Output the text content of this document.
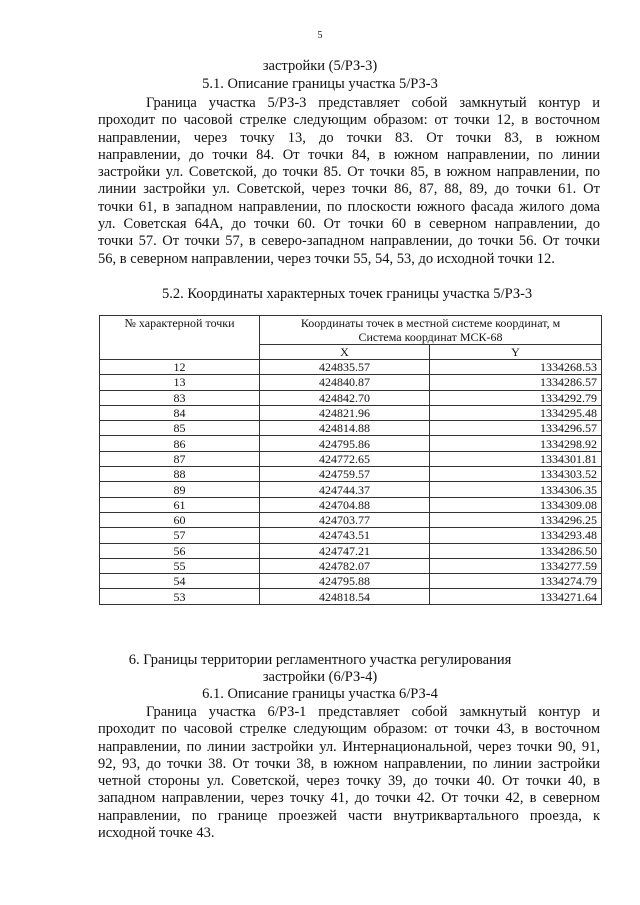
5
застройки (5/РЗ-3)
5.1. Описание границы участка 5/РЗ-3
Граница участка 5/РЗ-3 представляет собой замкнутый контур и
проходит по часовой стрелке следующим образом: от точки 12, в восточном
направлении, через точку 13, до точки 83. От точки 83, в южном
направлении, до точки 84. От точки 84, в южном направлении, по линии
застройки ул. Советской, до точки 85. От точки 85, в южном направлении, по
линии застройки ул. Советской, через точки 86, 87, 88, 89, до точки 61. От
точки 61, в западном направлении, по плоскости южного фасада жилого дома
ул. Советская 64А, до точки 60. От точки 60 в северном направлении, до
точки 57. От точки 57, в северо-западном направлении, до точки 56. От точки
56, в северном направлении, через точки 55, 54, 53, до исходной точки 12.
5.2. Координаты характерных точек границы участка 5/РЗ-3
№ характерной точки	Координаты точек в местной системе координат, м
Система координат МСК-68	
	X	Y
12	424835.57	1334268.53
13	424840.87	1334286.57
83	424842.70	1334292.79
84	424821.96	1334295.48
85	424814.88	1334296.57
86	424795.86	1334298.92
87	424772.65	1334301.81
88	424759.57	1334303.52
89	424744.37	1334306.35
61	424704.88	1334309.08
60	424703.77	1334296.25
57	424743.51	1334293.48
56	424747.21	1334286.50
55	424782.07	1334277.59
54	424795.88	1334274.79
53	424818.54	1334271.64
6. Границы территории регламентного участка регулирования
застройки (6/РЗ-4)
6.1. Описание границы участка 6/РЗ-4
Граница участка 6/РЗ-1 представляет собой замкнутый контур и
проходит по часовой стрелке следующим образом: от точки 43, в восточном
направлении, по линии застройки ул. Интернациональной, через точки 90, 91,
92, 93, до точки 38. От точки 38, в южном направлении, по линии застройки
четной стороны ул. Советской, через точку 39, до точки 40. От точки 40, в
западном направлении, через точку 41, до точки 42. От точки 42, в северном
направлении, по границе проезжей части внутриквартального проезда, к
исходной точке 43.
